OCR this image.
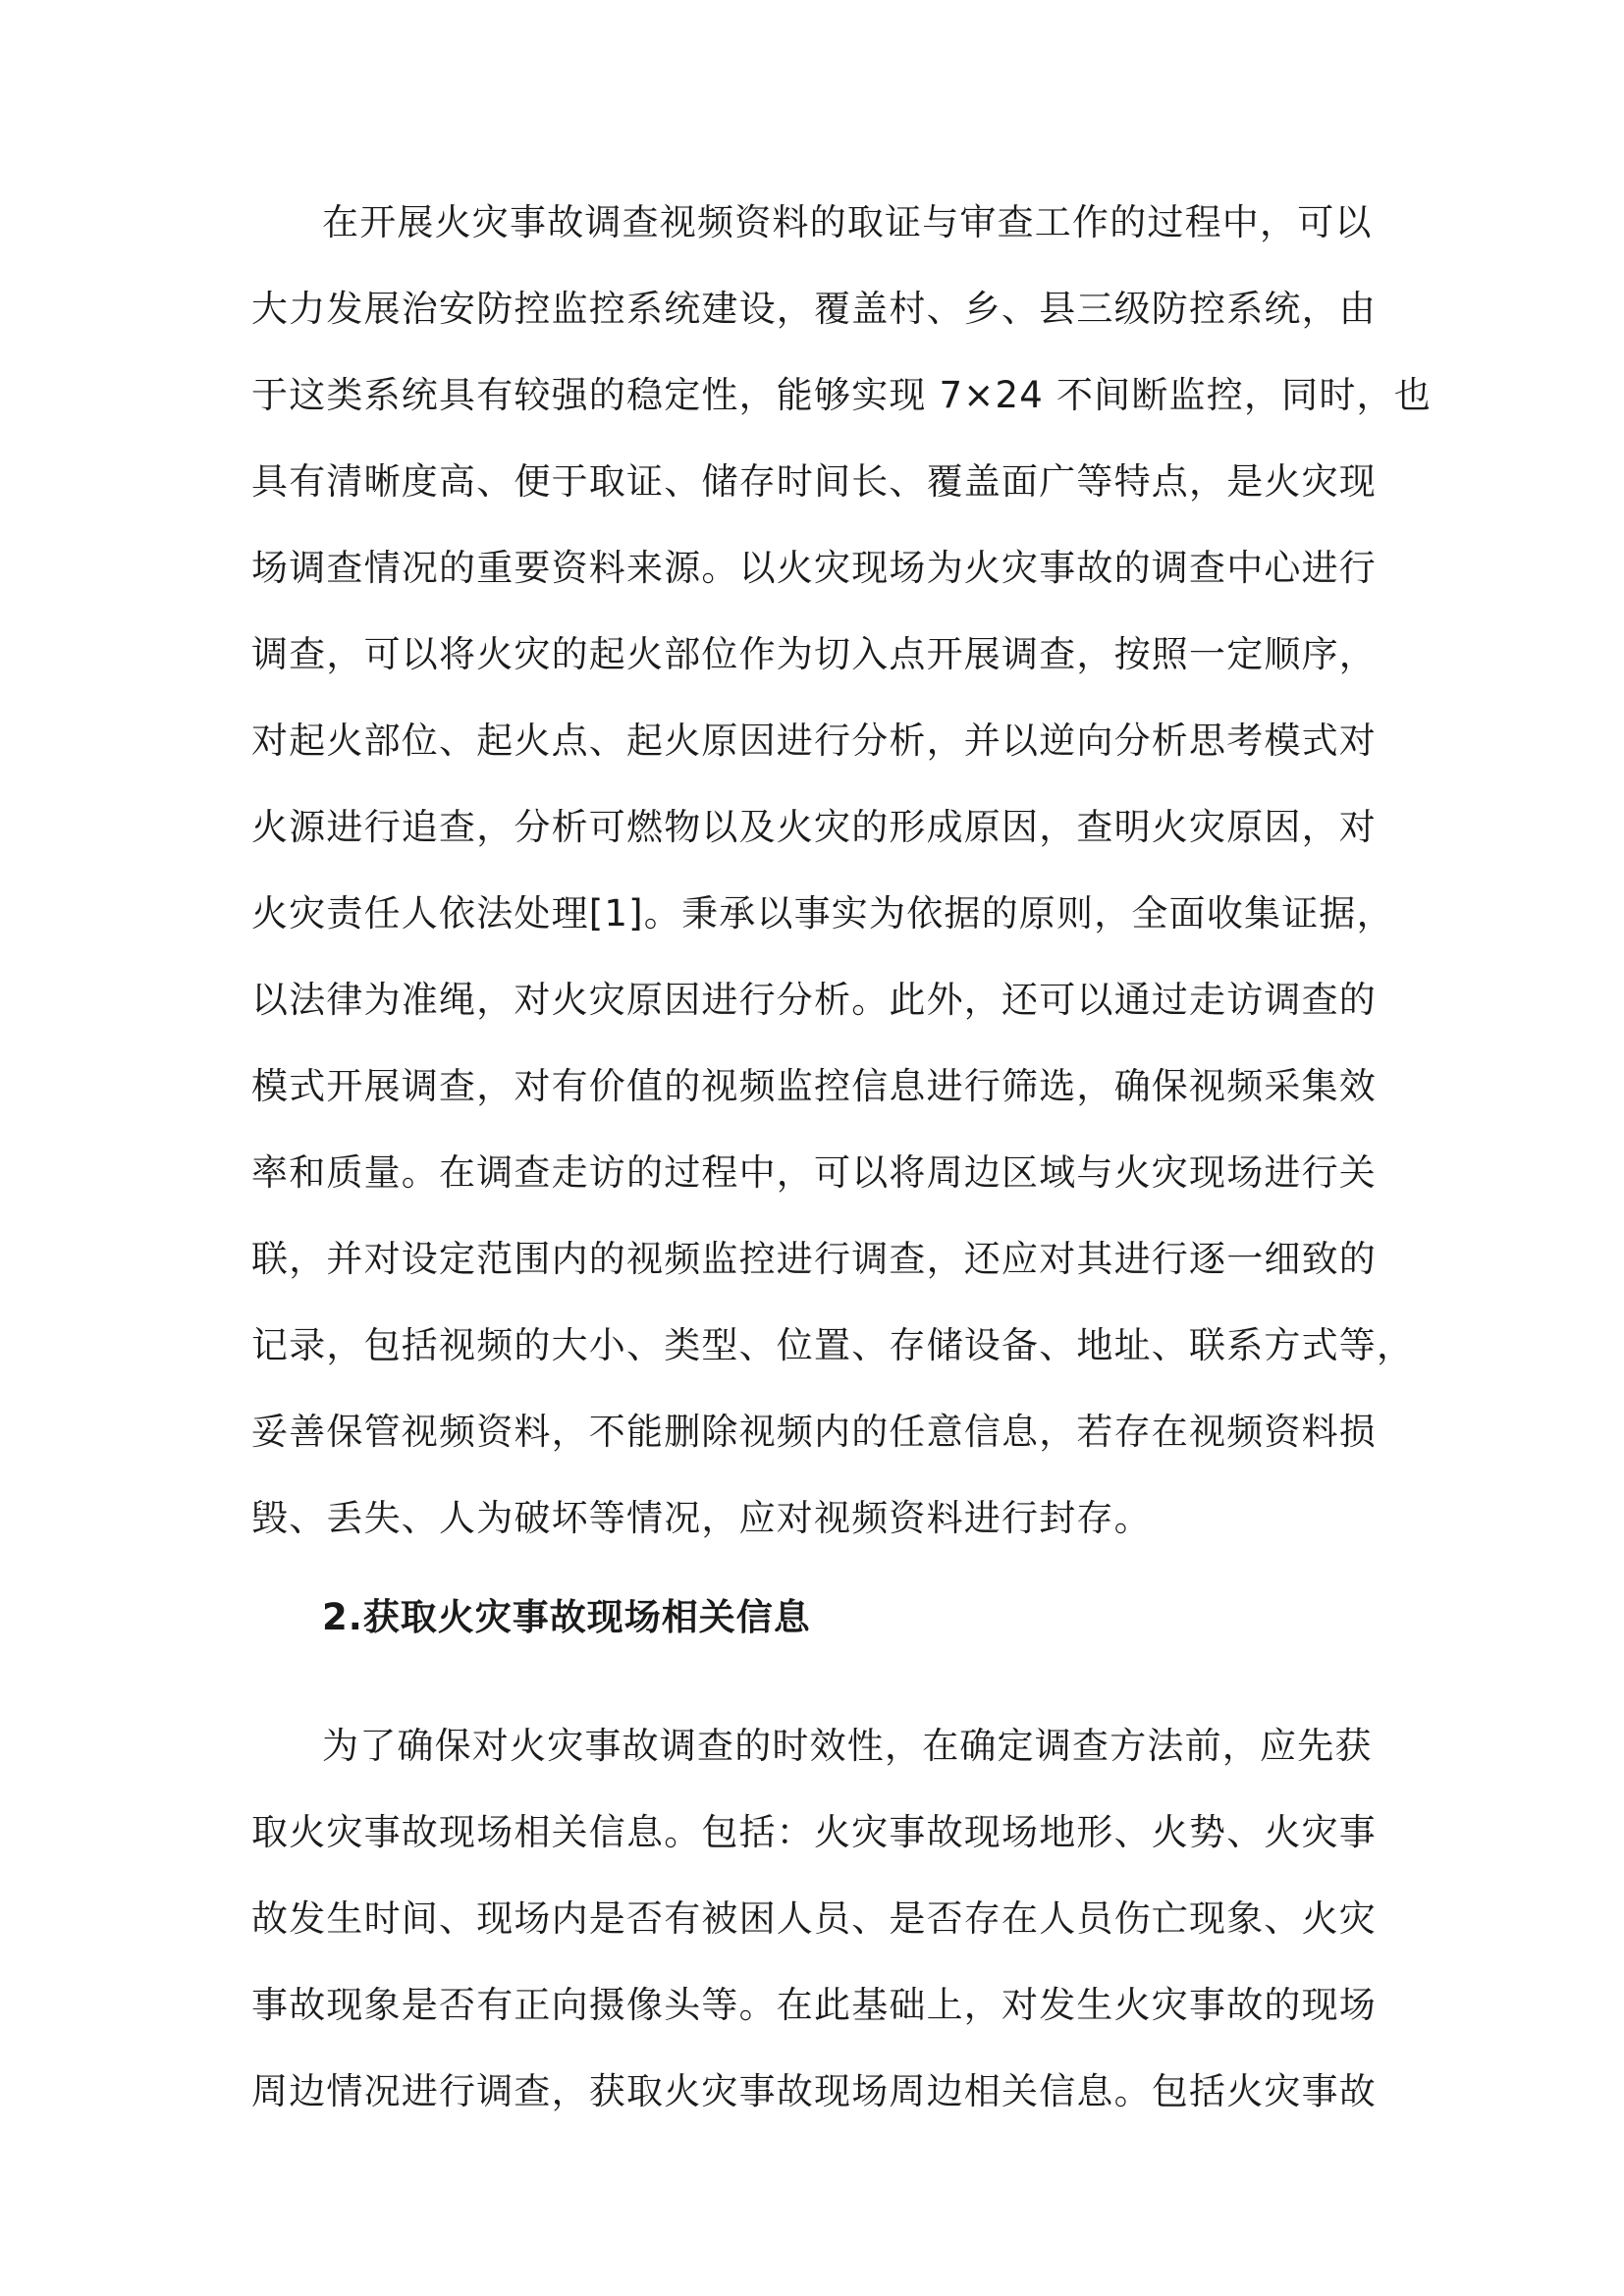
在开展火灾事故调查视频资料的取证与审查工作的过程中，可以
大力发展治安防控监控系统建设，覆盖村、乡、县三级防控系统，由
于这类系统具有较强的稳定性，能够实现 7×24 不间断监控，同时，也
具有清晰度高、便于取证、储存时间长、覆盖面广等特点，是火灾现
场调查情况的重要资料来源。以火灾现场为火灾事故的调查中心进行
调查，可以将火灾的起火部位作为切入点开展调查，按照一定顺序，
对起火部位、起火点、起火原因进行分析，并以逆向分析思考模式对
火源进行追查，分析可燃物以及火灾的形成原因，查明火灾原因，对
火灾责任人依法处理[1]。秉承以事实为依据的原则，全面收集证据，
以法律为准绳，对火灾原因进行分析。此外，还可以通过走访调查的
模式开展调查，对有价值的视频监控信息进行筛选，确保视频采集效
率和质量。在调查走访的过程中，可以将周边区域与火灾现场进行关
联，并对设定范围内的视频监控进行调查，还应对其进行逐一细致的
记录，包括视频的大小、类型、位置、存储设备、地址、联系方式等，
妥善保管视频资料，不能删除视频内的任意信息，若存在视频资料损
毁、丢失、人为破坏等情况，应对视频资料进行封存。
2.获取火灾事故现场相关信息
为了确保对火灾事故调查的时效性，在确定调查方法前，应先获
取火灾事故现场相关信息。包括：火灾事故现场地形、火势、火灾事
故发生时间、现场内是否有被困人员、是否存在人员伤亡现象、火灾
事故现象是否有正向摄像头等。在此基础上，对发生火灾事故的现场
周边情况进行调查，获取火灾事故现场周边相关信息。包括火灾事故
